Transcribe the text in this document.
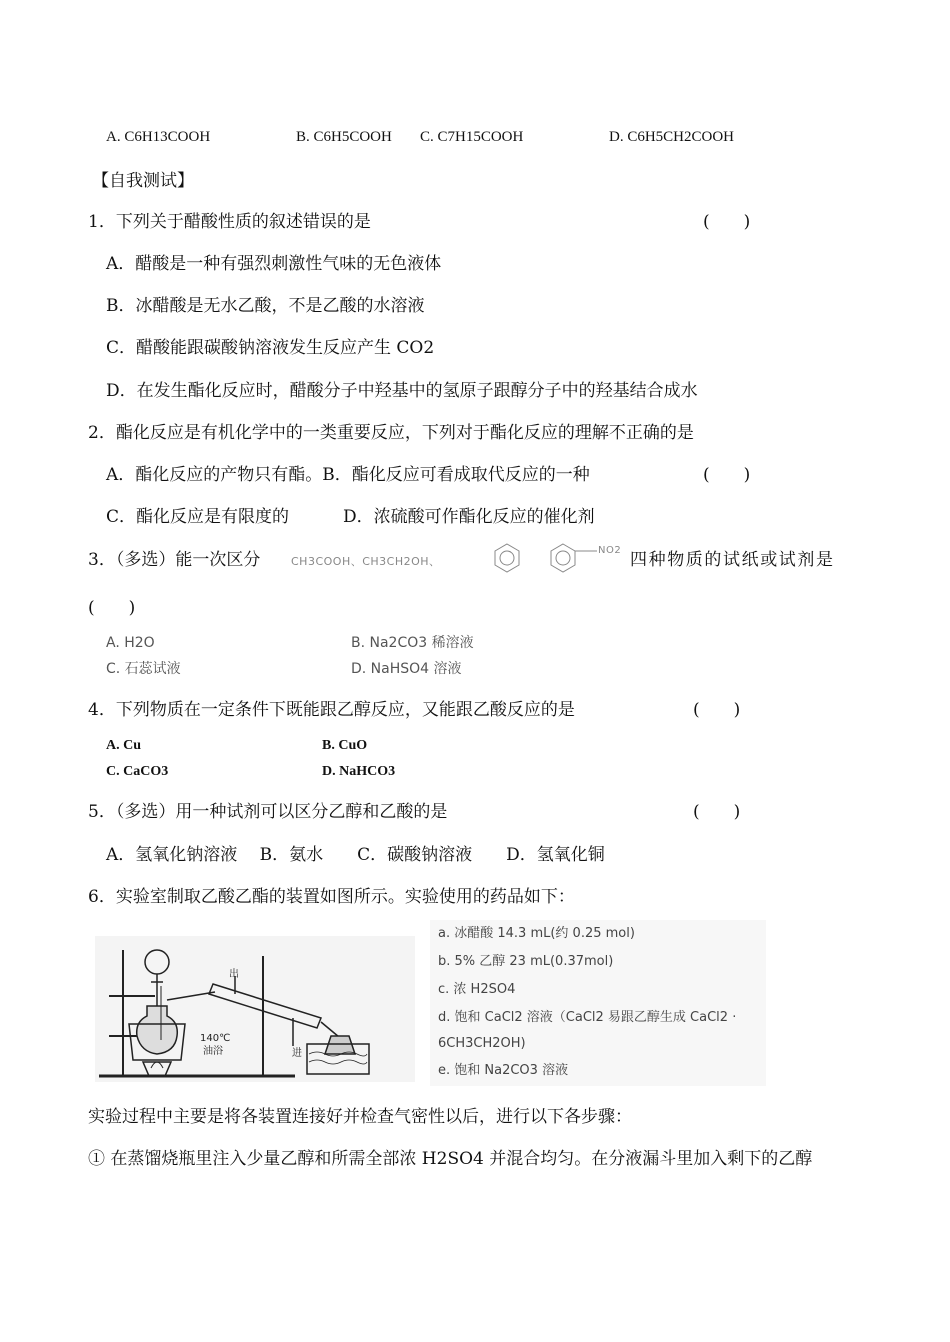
A. C6H13COOH	B. C6H5COOH C. C7H15COOH	D. C6H5CH2COOH
【自我测试】
1．下列关于醋酸性质的叙述错误的是	(　　)
A．醋酸是一种有强烈刺激性气味的无色液体
B．冰醋酸是无水乙酸，不是乙酸的水溶液
C．醋酸能跟碳酸钠溶液发生反应产生 CO2
D．在发生酯化反应时，醋酸分子中羟基中的氢原子跟醇分子中的羟基结合成水
2．酯化反应是有机化学中的一类重要反应，下列对于酯化反应的理解不正确的是
A．酯化反应的产物只有酯。B．酯化反应可看成取代反应的一种	(　　)
C．酯化反应是有限度的	D．浓硫酸可作酯化反应的催化剂
3．（多选）能一次区分	CH3COOH、CH3CH2OH、
NO2 四种物质的试纸或试剂是
(　　)
A. H2O	B. Na2CO3 稀溶液
C. 石蕊试液	D. NaHSO4 溶液
4．下列物质在一定条件下既能跟乙醇反应，又能跟乙酸反应的是	(　　)
A. Cu	B. CuO
C. CaCO3	D. NaHCO3
5．（多选）用一种试剂可以区分乙醇和乙酸的是	(　　)
A．氢氧化钠溶液　 B．氨水　　C．碳酸钠溶液　　D．氢氧化铜
6．实验室制取乙酸乙酯的装置如图所示。实验使用的药品如下：
出
进
140℃
油浴
a. 冰醋酸 14.3 mL(约 0.25 mol)
b. 5% 乙醇 23 mL(0.37mol)
c. 浓 H2SO4
d. 饱和 CaCl2 溶液（CaCl2 易跟乙醇生成 CaCl2 ·
6CH3CH2OH)
e. 饱和 Na2CO3 溶液
实验过程中主要是将各装置连接好并检查气密性以后，进行以下各步骤：
① 在蒸馏烧瓶里注入少量乙醇和所需全部浓 H2SO4 并混合均匀。在分液漏斗里加入剩下的乙醇
